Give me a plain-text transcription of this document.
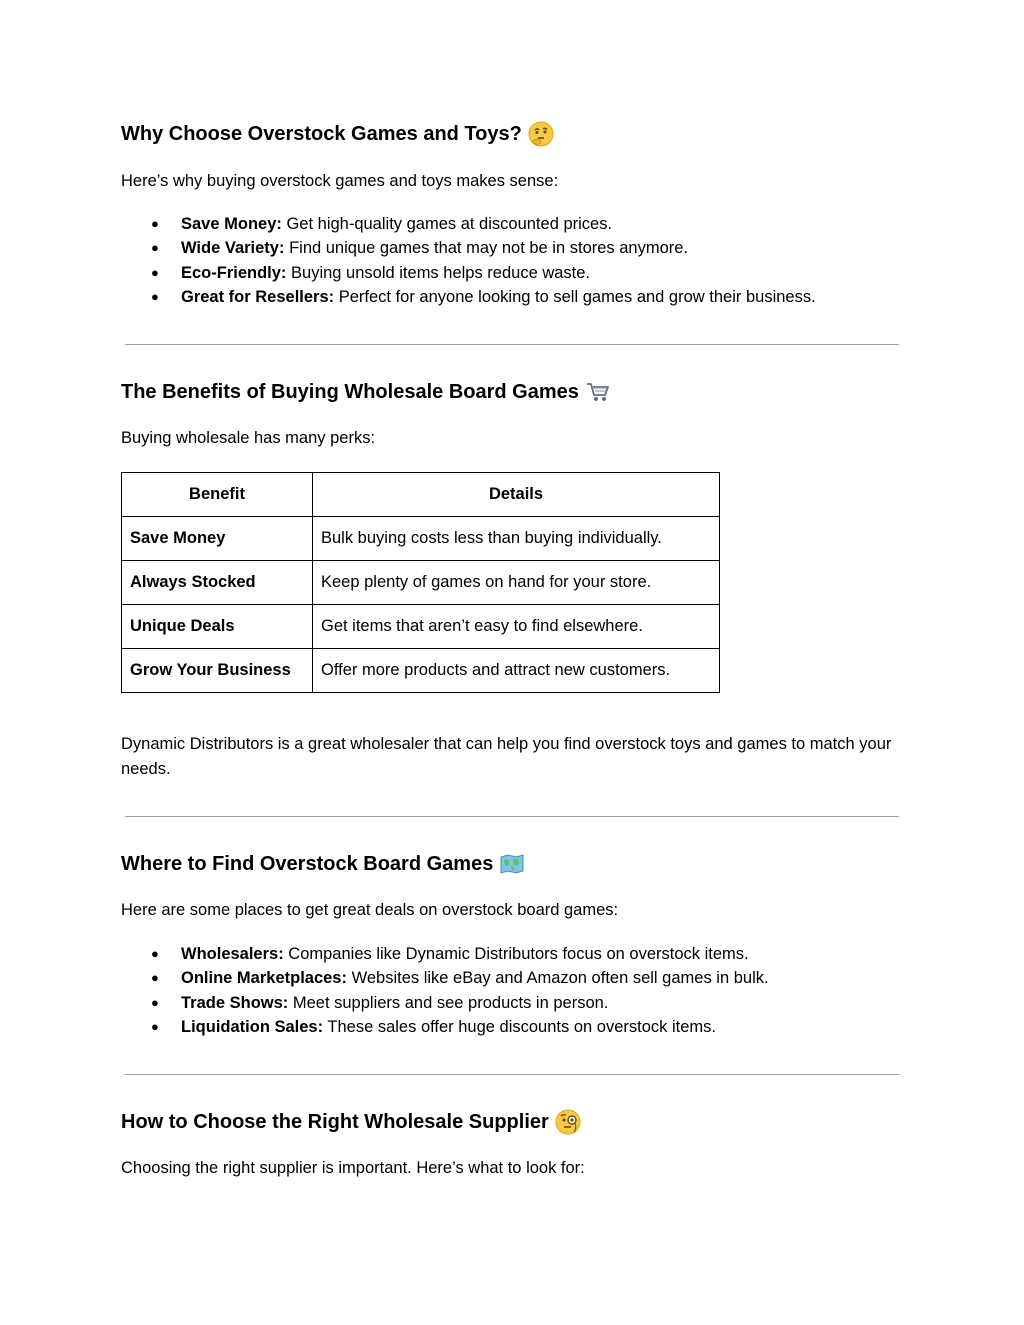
Why Choose Overstock Games and Toys?

Here’s why buying overstock games and toys makes sense:

● Save Money: Get high-quality games at discounted prices.
● Wide Variety: Find unique games that may not be in stores anymore.
● Eco-Friendly: Buying unsold items helps reduce waste.
● Great for Resellers: Perfect for anyone looking to sell games and grow their business.
The Benefits of Buying Wholesale Board Games

Buying wholesale has many perks:

Benefit	Details
Save Money	Bulk buying costs less than buying individually.
Always Stocked	Keep plenty of games on hand for your store.
Unique Deals	Get items that aren’t easy to find elsewhere.
Grow Your Business	Offer more products and attract new customers.

Dynamic Distributors is a great wholesaler that can help you find overstock toys and games to match your needs.

Where to Find Overstock Board Games

Here are some places to get great deals on overstock board games:

● Wholesalers: Companies like Dynamic Distributors focus on overstock items.
● Online Marketplaces: Websites like eBay and Amazon often sell games in bulk.
● Trade Shows: Meet suppliers and see products in person.
● Liquidation Sales: These sales offer huge discounts on overstock items.
How to Choose the Right Wholesale Supplier

Choosing the right supplier is important. Here’s what to look for:
